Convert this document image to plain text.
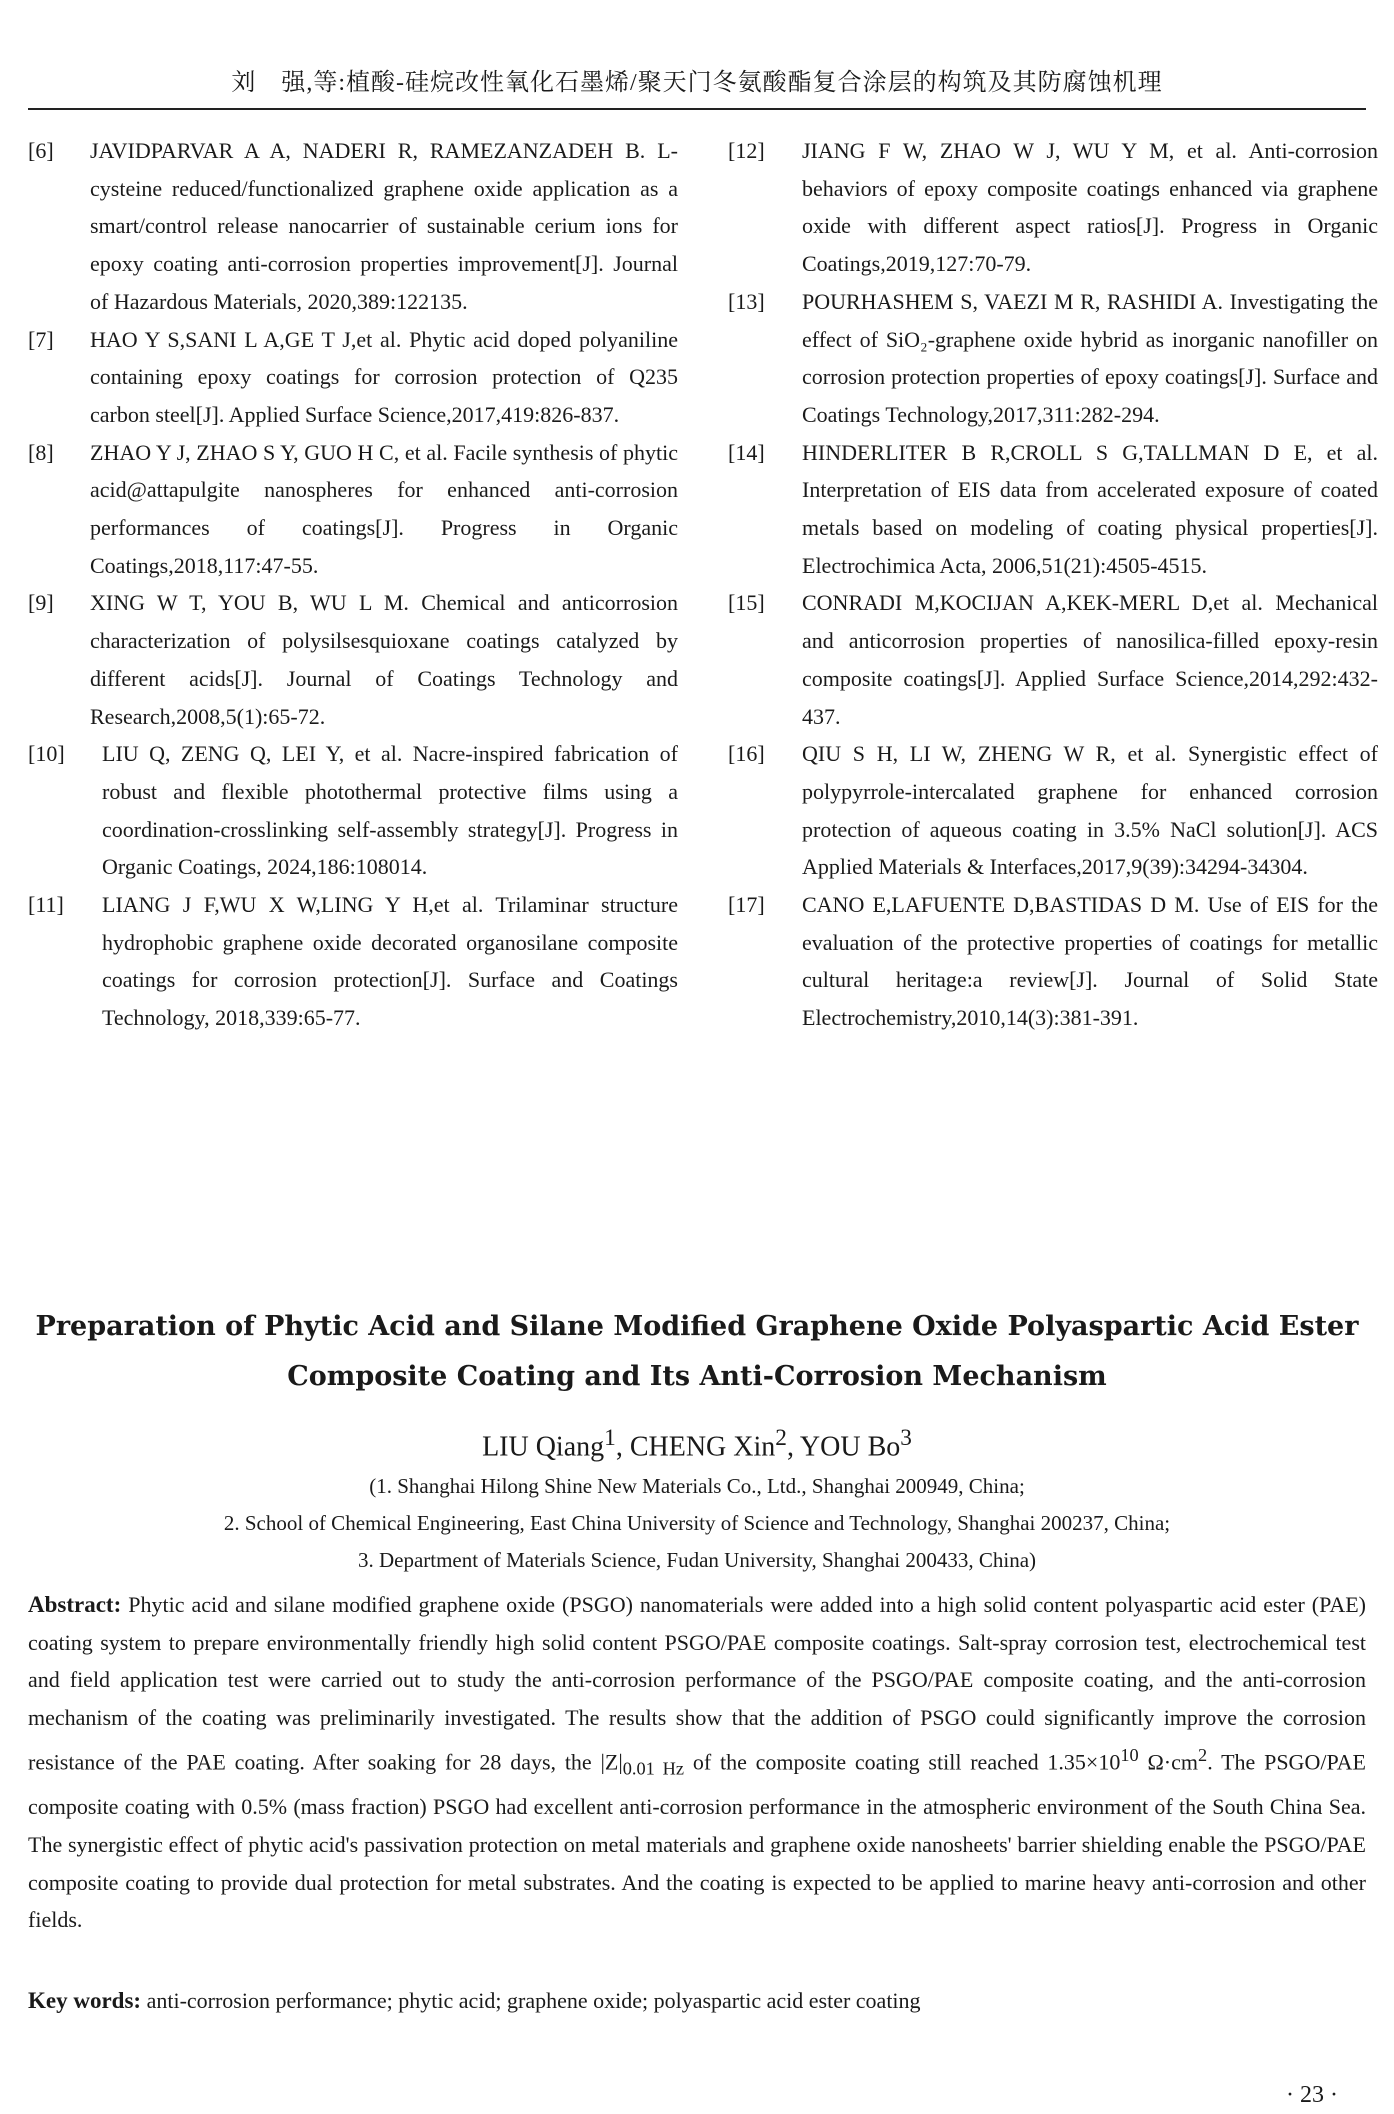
刘　强,等:植酸-硅烷改性氧化石墨烯/聚天门冬氨酸酯复合涂层的构筑及其防腐蚀机理
[6]	JAVIDPARVAR A A, NADERI R, RAMEZANZADEH B. L-cysteine reduced/functionalized graphene oxide application as a smart/control release nanocarrier of sustainable cerium ions for epoxy coating anti-corrosion properties improvement[J]. Journal of Hazardous Materials, 2020,389:122135.
[7]	HAO Y S,SANI L A,GE T J,et al. Phytic acid doped polyaniline containing epoxy coatings for corrosion protection of Q235 carbon steel[J]. Applied Surface Science,2017,419:826-837.
[8]	ZHAO Y J, ZHAO S Y, GUO H C, et al. Facile synthesis of phytic acid@attapulgite nanospheres for enhanced anti-corrosion performances of coatings[J]. Progress in Organic Coatings,2018,117:47-55.
[9]	XING W T, YOU B, WU L M. Chemical and anticorrosion characterization of polysilsesquioxane coatings catalyzed by different acids[J]. Journal of Coatings Technology and Research,2008,5(1):65-72.
[10]	LIU Q, ZENG Q, LEI Y, et al. Nacre-inspired fabrication of robust and flexible photothermal protective films using a coordination-crosslinking self-assembly strategy[J]. Progress in Organic Coatings, 2024,186:108014.
[11]	LIANG J F,WU X W,LING Y H,et al. Trilaminar structure hydrophobic graphene oxide decorated organosilane composite coatings for corrosion protection[J]. Surface and Coatings Technology, 2018,339:65-77.
[12]	JIANG F W, ZHAO W J, WU Y M, et al. Anti-corrosion behaviors of epoxy composite coatings enhanced via graphene oxide with different aspect ratios[J]. Progress in Organic Coatings,2019,127:70-79.
[13]	POURHASHEM S, VAEZI M R, RASHIDI A. Investigating the effect of SiO₂-graphene oxide hybrid as inorganic nanofiller on corrosion protection properties of epoxy coatings[J]. Surface and Coatings Technology,2017,311:282-294.
[14]	HINDERLITER B R,CROLL S G,TALLMAN D E, et al. Interpretation of EIS data from accelerated exposure of coated metals based on modeling of coating physical properties[J]. Electrochimica Acta, 2006,51(21):4505-4515.
[15]	CONRADI M,KOCIJAN A,KEK-MERL D,et al. Mechanical and anticorrosion properties of nanosilica-filled epoxy-resin composite coatings[J]. Applied Surface Science,2014,292:432-437.
[16]	QIU S H, LI W, ZHENG W R, et al. Synergistic effect of polypyrrole-intercalated graphene for enhanced corrosion protection of aqueous coating in 3.5% NaCl solution[J]. ACS Applied Materials & Interfaces,2017,9(39):34294-34304.
[17]	CANO E,LAFUENTE D,BASTIDAS D M. Use of EIS for the evaluation of the protective properties of coatings for metallic cultural heritage:a review[J]. Journal of Solid State Electrochemistry,2010,14(3):381-391.
Preparation of Phytic Acid and Silane Modified Graphene Oxide Polyaspartic Acid Ester
Composite Coating and Its Anti-Corrosion Mechanism
LIU Qiang$^1$, CHENG Xin$^2$, YOU Bo$^3$
(1. Shanghai Hilong Shine New Materials Co., Ltd., Shanghai 200949, China;
2. School of Chemical Engineering, East China University of Science and Technology, Shanghai 200237, China;
3. Department of Materials Science, Fudan University, Shanghai 200433, China)
Abstract: Phytic acid and silane modified graphene oxide (PSGO) nanomaterials were added into a high solid content polyaspartic acid ester (PAE) coating system to prepare environmentally friendly high solid content PSGO/PAE composite coatings. Salt-spray corrosion test, electrochemical test and field application test were carried out to study the anti-corrosion performance of the PSGO/PAE composite coating, and the anti-corrosion mechanism of the coating was preliminarily investigated. The results show that the addition of PSGO could significantly improve the corrosion resistance of the PAE coating. After soaking for 28 days, the $|Z|_{0.01 Hz}$ of the composite coating still reached $1.35\times 10^{10}$ $\Omega\cdot cm^2$. The PSGO/PAE composite coating with 0.5% (mass fraction) PSGO had excellent anti-corrosion performance in the atmospheric environment of the South China Sea. The synergistic effect of phytic acid's passivation protection on metal materials and graphene oxide nanosheets' barrier shielding enable the PSGO/PAE composite coating to provide dual protection for metal substrates. And the coating is expected to be applied to marine heavy anti-corrosion and other fields.
Key words: anti-corrosion performance; phytic acid; graphene oxide; polyaspartic acid ester coating
· 23 ·
